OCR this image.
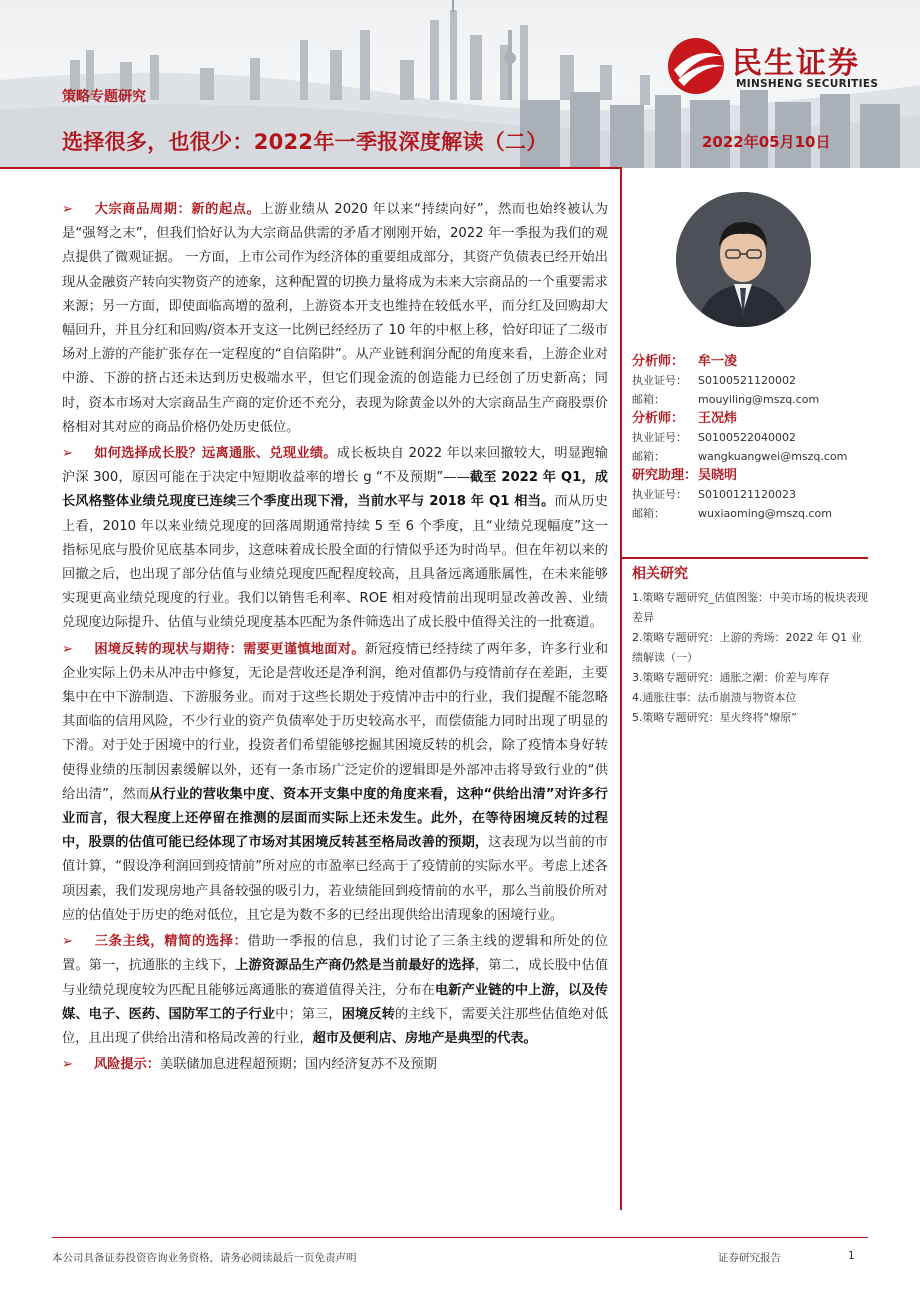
策略专题研究
选择很多，也很少：2022年一季报深度解读（二）	2022年05月10日
民生证券
MINSHENG SECURITIES

➢ 大宗商品周期：新的起点。上游业绩从 2020 年以来“持续向好”，然而也始终被认为是“强弩之末”，但我们恰好认为大宗商品供需的矛盾才刚刚开始，2022 年一季报为我们的观点提供了微观证据。 一方面，上市公司作为经济体的重要组成部分，其资产负债表已经开始出现从金融资产转向实物资产的迹象，这种配置的切换力量将成为未来大宗商品的一个重要需求来源；另一方面，即使面临高增的盈利，上游资本开支也维持在较低水平，而分红及回购却大幅回升，并且分红和回购/资本开支这一比例已经经历了 10 年的中枢上移，恰好印证了二级市场对上游的产能扩张存在一定程度的“自信陷阱”。从产业链利润分配的角度来看，上游企业对中游、下游的挤占还未达到历史极端水平，但它们现金流的创造能力已经创了历史新高；同时，资本市场对大宗商品生产商的定价还不充分，表现为除黄金以外的大宗商品生产商股票价格相对其对应的商品价格仍处历史低位。

➢ 如何选择成长股？远离通胀、兑现业绩。成长板块自 2022 年以来回撤较大，明显跑输沪深 300，原因可能在于决定中短期收益率的增长 g “不及预期”——截至 2022 年 Q1，成长风格整体业绩兑现度已连续三个季度出现下滑，当前水平与 2018 年 Q1 相当。而从历史上看，2010 年以来业绩兑现度的回落周期通常持续 5 至 6 个季度，且“业绩兑现幅度”这一指标见底与股价见底基本同步，这意味着成长股全面的行情似乎还为时尚早。但在年初以来的回撤之后，也出现了部分估值与业绩兑现度匹配程度较高，且具备远离通胀属性，在未来能够实现更高业绩兑现度的行业。我们以销售毛利率、ROE 相对疫情前出现明显改善改善、业绩兑现度边际提升、估值与业绩兑现度基本匹配为条件筛选出了成长股中值得关注的一批赛道。

➢ 困境反转的现状与期待：需要更谨慎地面对。新冠疫情已经持续了两年多，许多行业和企业实际上仍未从冲击中修复，无论是营收还是净利润，绝对值都仍与疫情前存在差距，主要集中在中下游制造、下游服务业。而对于这些长期处于疫情冲击中的行业，我们提醒不能忽略其面临的信用风险，不少行业的资产负债率处于历史较高水平，而偿债能力同时出现了明显的下滑。对于处于困境中的行业，投资者们希望能够挖掘其困境反转的机会，除了疫情本身好转使得业绩的压制因素缓解以外，还有一条市场广泛定价的逻辑即是外部冲击将导致行业的“供给出清”，然而从行业的营收集中度、资本开支集中度的角度来看，这种“供给出清”对许多行业而言，很大程度上还停留在推测的层面而实际上还未发生。此外，在等待困境反转的过程中，股票的估值可能已经体现了市场对其困境反转甚至格局改善的预期，这表现为以当前的市值计算，“假设净利润回到疫情前”所对应的市盈率已经高于了疫情前的实际水平。考虑上述各项因素，我们发现房地产具备较强的吸引力，若业绩能回到疫情前的水平，那么当前股价所对应的估值处于历史的绝对低位，且它是为数不多的已经出现供给出清现象的困境行业。

➢ 三条主线，精简的选择：借助一季报的信息，我们讨论了三条主线的逻辑和所处的位置。第一，抗通胀的主线下，上游资源品生产商仍然是当前最好的选择，第二，成长股中估值与业绩兑现度较为匹配且能够远离通胀的赛道值得关注，分布在电新产业链的中上游，以及传媒、电子、医药、国防军工的子行业中；第三，困境反转的主线下，需要关注那些估值绝对低位，且出现了供给出清和格局改善的行业，超市及便利店、房地产是典型的代表。

➢ 风险提示：美联储加息进程超预期；国内经济复苏不及预期

分析师：	牟一凌
执业证号：	S0100521120002
邮箱：	mouyiling@mszq.com
分析师：	王况炜
执业证号：	S0100522040002
邮箱：	wangkuangwei@mszq.com
研究助理： 吴晓明
执业证号：	S0100121120023
邮箱：	wuxiaoming@mszq.com
相关研究
1.策略专题研究_估值图鉴：中美市场的板块表现差异
2.策略专题研究：上游的秀场：2022 年 Q1 业绩解读（一）
3.策略专题研究：通胀之潮：价差与库存
4.通胀往事：法币崩溃与物资本位
5.策略专题研究：星火终将“燎原”
本公司具备证券投资咨询业务资格，请务必阅读最后一页免责声明	证券研究报告	1
